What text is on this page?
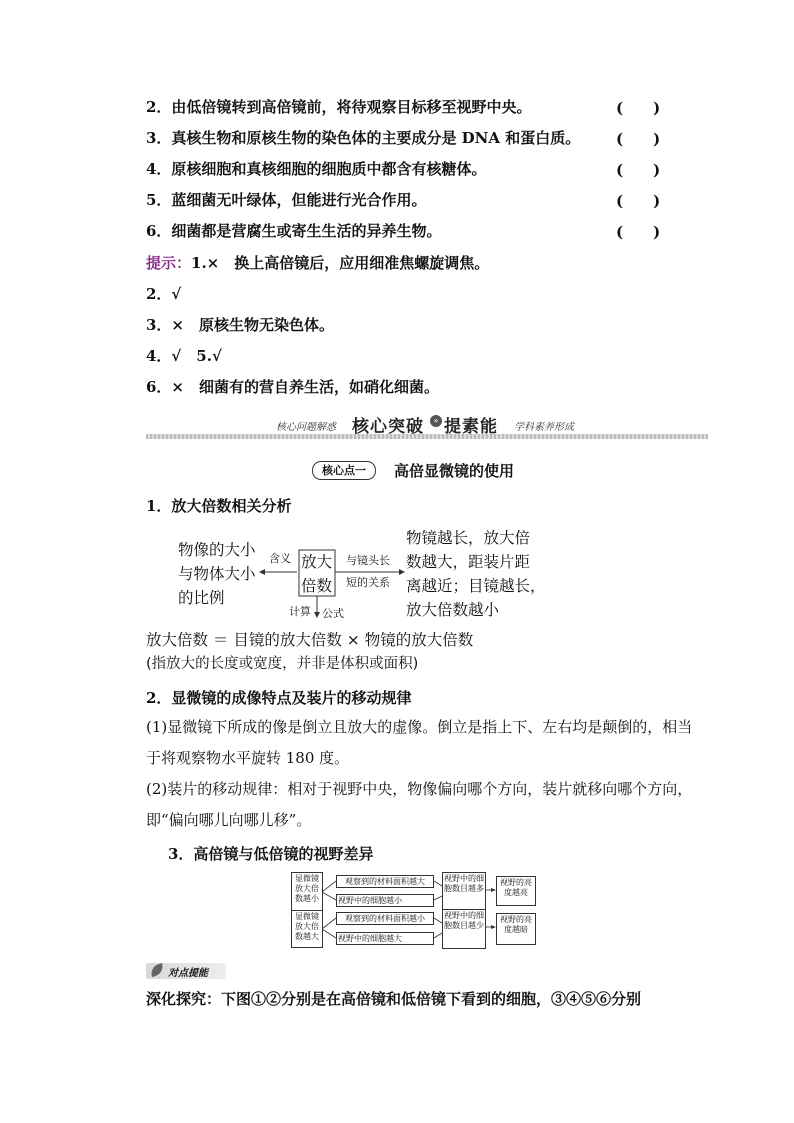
2．由低倍镜转到高倍镜前，将待观察目标移至视野中央。	(　　)
3．真核生物和原核生物的染色体的主要成分是 DNA 和蛋白质。 (　　)
4．原核细胞和真核细胞的细胞质中都含有核糖体。	(　　)
5．蓝细菌无叶绿体，但能进行光合作用。	(　　)
6．细菌都是营腐生或寄生生活的异养生物。	(　　)
提示：1.×　换上高倍镜后，应用细准焦螺旋调焦。
2．√
3．×　原核生物无染色体。
4．√　5.√
6．×　细菌有的营自养生活，如硝化细菌。
核心问题解惑 核心突破	» 提素能 学科素养形成
核心点一	高倍显微镜的使用
1．放大倍数相关分析
物像的大小
与物体大小
的比例
含义 放大
倍数
与镜头长
短的关系
物镜越长，放大倍
数越大，距装片距
离越近；目镜越长，
放大倍数越小
计算 公式
放大倍数 ＝ 目镜的放大倍数 × 物镜的放大倍数
(指放大的长度或宽度，并非是体积或面积)
2．显微镜的成像特点及装片的移动规律
(1)显微镜下所成的像是倒立且放大的虚像。倒立是指上下、左右均是颠倒的，相当于将观察物水平旋转 180 度。
(2)装片的移动规律：相对于视野中央，物像偏向哪个方向，装片就移向哪个方向，即“偏向哪儿向哪儿移”。
3．高倍镜与低倍镜的视野差异
显微镜放大倍数越小
观察到的材料面积越大
视野中的细胞越小
视野中的细胞数目越多
视野的亮度越亮
显微镜放大倍数越大
观察到的材料面积越小
视野中的细胞越大
视野中的细胞数目越少
视野的亮度越暗
对点提能
深化探究：下图①②分别是在高倍镜和低倍镜下看到的细胞，③④⑤⑥分别
